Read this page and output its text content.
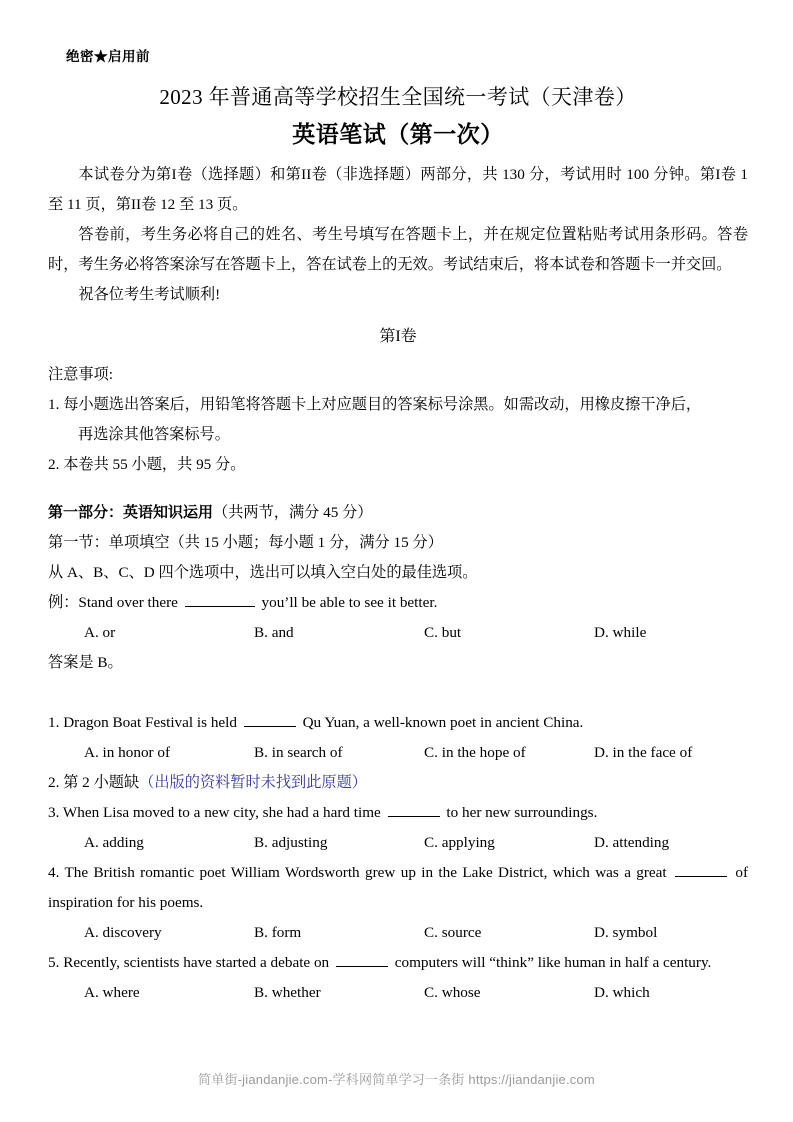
绝密★启用前
2023 年普通高等学校招生全国统一考试（天津卷）
英语笔试（第一次）

本试卷分为第I卷（选择题）和第II卷（非选择题）两部分，共 130 分，考试用时 100 分钟。第I卷 1 至 11 页，第II卷 12 至 13 页。

答卷前，考生务必将自己的姓名、考生号填写在答题卡上，并在规定位置粘贴考试用条形码。答卷时，考生务必将答案涂写在答题卡上，答在试卷上的无效。考试结束后，将本试卷和答题卡一并交回。

祝各位考生考试顺利!

第I卷

注意事项:

1. 每小题选出答案后，用铅笔将答题卡上对应题目的答案标号涂黑。如需改动，用橡皮擦干净后，
再选涂其他答案标号。

2. 本卷共 55 小题，共 95 分。

第一部分：英语知识运用（共两节，满分 45 分）

第一节：单项填空（共 15 小题；每小题 1 分，满分 15 分）

从 A、B、C、D 四个选项中，选出可以填入空白处的最佳选项。

例：Stand over there	you’ll be able to see it better.

A. or	B. and	C. but	D. while

答案是 B。

1. Dragon Boat Festival is held	Qu Yuan, a well-known poet in ancient China.

A. in honor of	B. in search of	C. in the hope of	D. in the face of

2. 第 2 小题缺（出版的资料暂时未找到此原题）

3. When Lisa moved to a new city, she had a hard time	to her new surroundings.

A. adding	B. adjusting	C. applying	D. attending

4. The British romantic poet William Wordsworth grew up in the Lake District, which was a great	of inspiration for his poems.

A. discovery	B. form	C. source	D. symbol

5. Recently, scientists have started a debate on	computers will “think” like human in half a century.

A. where	B. whether	C. whose	D. which
简单街-jiandanjie.com-学科网简单学习一条街 https://jiandanjie.com
